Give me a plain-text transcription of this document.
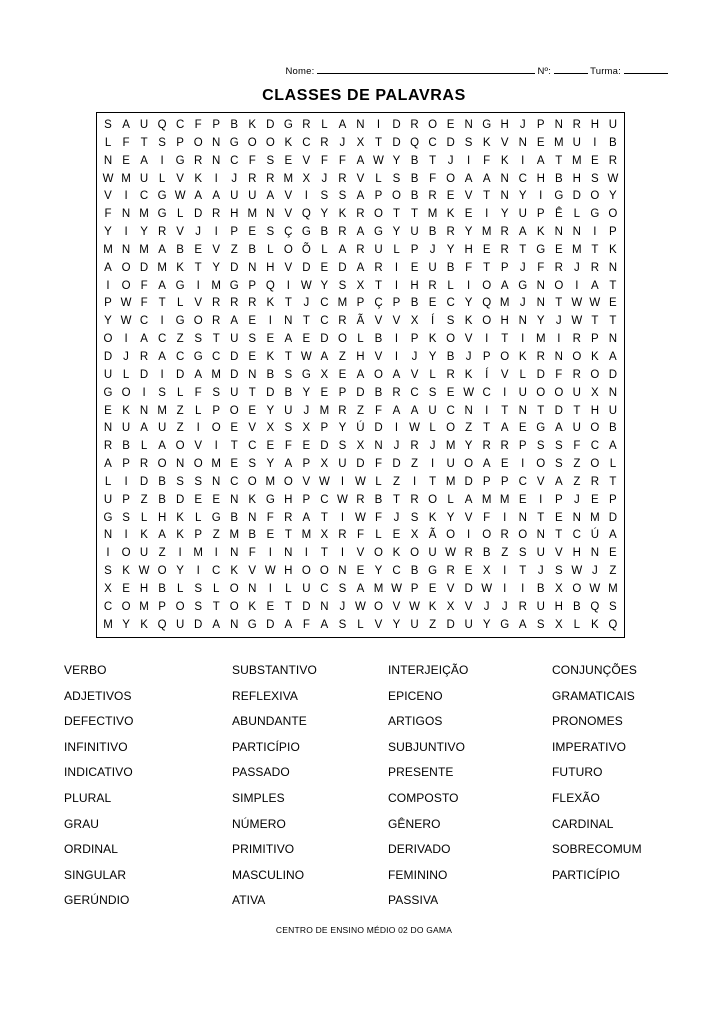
Nome:	Nº:	Turma:
CLASSES DE PALAVRAS
S A U Q C F P B K D G R L A N	I	D R O E N G H J P N R H U
L F T S P O N G O O K C R J X T D Q C D S K V N E M U	I	B
N E A	I	G R N C F S E V F F A W Y B T	J	I	F K	I	A T M E R
W M U L V K	I	J R R M X J R V L S B F O A A N C H B H S W
V	I	C G W A A U U A V	I	S S A P O B R E V T N Y	I	G D O Y
F N M G L D R H M N V Q Y K R O T T M K E	I	Y U P Ê L G O
Y	I	Y R V J	I	P E S Ç G B R A G Y U B R Y M R A K N N	I	P
M N M A B E V Z B L O Õ L A R U L P J Y H E R T G E M T K
A O D M K T Y D N H V D E D A R	I	E U B F T P J	F R J R N
I	O F A G	I	M G P Q	I W Y S X T	I	H R L	I	O A G N O	I	A T
P W F T L V R R R K T	J C M P Ç P B E C Y Q M J N T W W E
Y W C	I	G O R A E	I	N T C R Ã V V X	Í	S K O H N Y J W T T
O	I	A C Z S T U S E A E D O L B	I	P K O V	I	T	I	M	I	R P N
D J R A C G C D E K T W A Z H V	I	J Y B J P O K R N O K A
U L D	I	D A M D N B S G X E A O A V L R K	Í	V L D F R O D
G O	I	S L F S U T D B Y E P D B R C S E W C	I	U O O U X N
E K N M Z L P O E Y U J M R Z F A A U C N	I	T N T D T H U
N U A U Z	I	O E V X S X P Y Ú D	I W L O Z T A E G A U O B
R B L A O V	I	T C E F E D S X N J R J M Y R R P S S F C A
A P R O N O M E S Y A P X U D F D Z	I	U O A E	I	O S Z O L
L	I	D B S S N C O M O V W I W L Z	I	T M D P P C V A Z R T
U P Z B D E E N K G H P C W R B T R O L A M M E	I	P J E P
G S L H K L G B N F R A T	I W F	J S K Y V F	I	N T E N M D
N	I	K A K P Z M B E T M X R F L E X Ã O	I	O R O N T C Ú A
I	O U Z	I	M	I	N F	I	N	I	T	I	V O K O U W R B Z S U V H N E
S K W O Y	I	C K V W H O O N E Y C B G R E X	I	T	J S W J	Z
X E H B L S L O N	I	L U C S A M W P E V D W I	I	B X O W M
C O M P O S T O K E T D N J W O V W K X V J	J R U H B Q S
M Y K Q U D A N G D A F A S L V Y U Z D U Y G A S X L K Q
VERBO	SUBSTANTIVO	INTERJEIÇÃO	CONJUNÇÕES
ADJETIVOS	REFLEXIVA	EPICENO	GRAMATICAIS
DEFECTIVO	ABUNDANTE	ARTIGOS	PRONOMES
INFINITIVO	PARTICÍPIO	SUBJUNTIVO	IMPERATIVO
INDICATIVO	PASSADO	PRESENTE	FUTURO
PLURAL	SIMPLES	COMPOSTO	FLEXÃO
GRAU	NÚMERO	GÊNERO	CARDINAL
ORDINAL	PRIMITIVO	DERIVADO	SOBRECOMUM
SINGULAR	MASCULINO	FEMININO	PARTICÍPIO
GERÚNDIO	ATIVA	PASSIVA
CENTRO DE ENSINO MÉDIO 02 DO GAMA
